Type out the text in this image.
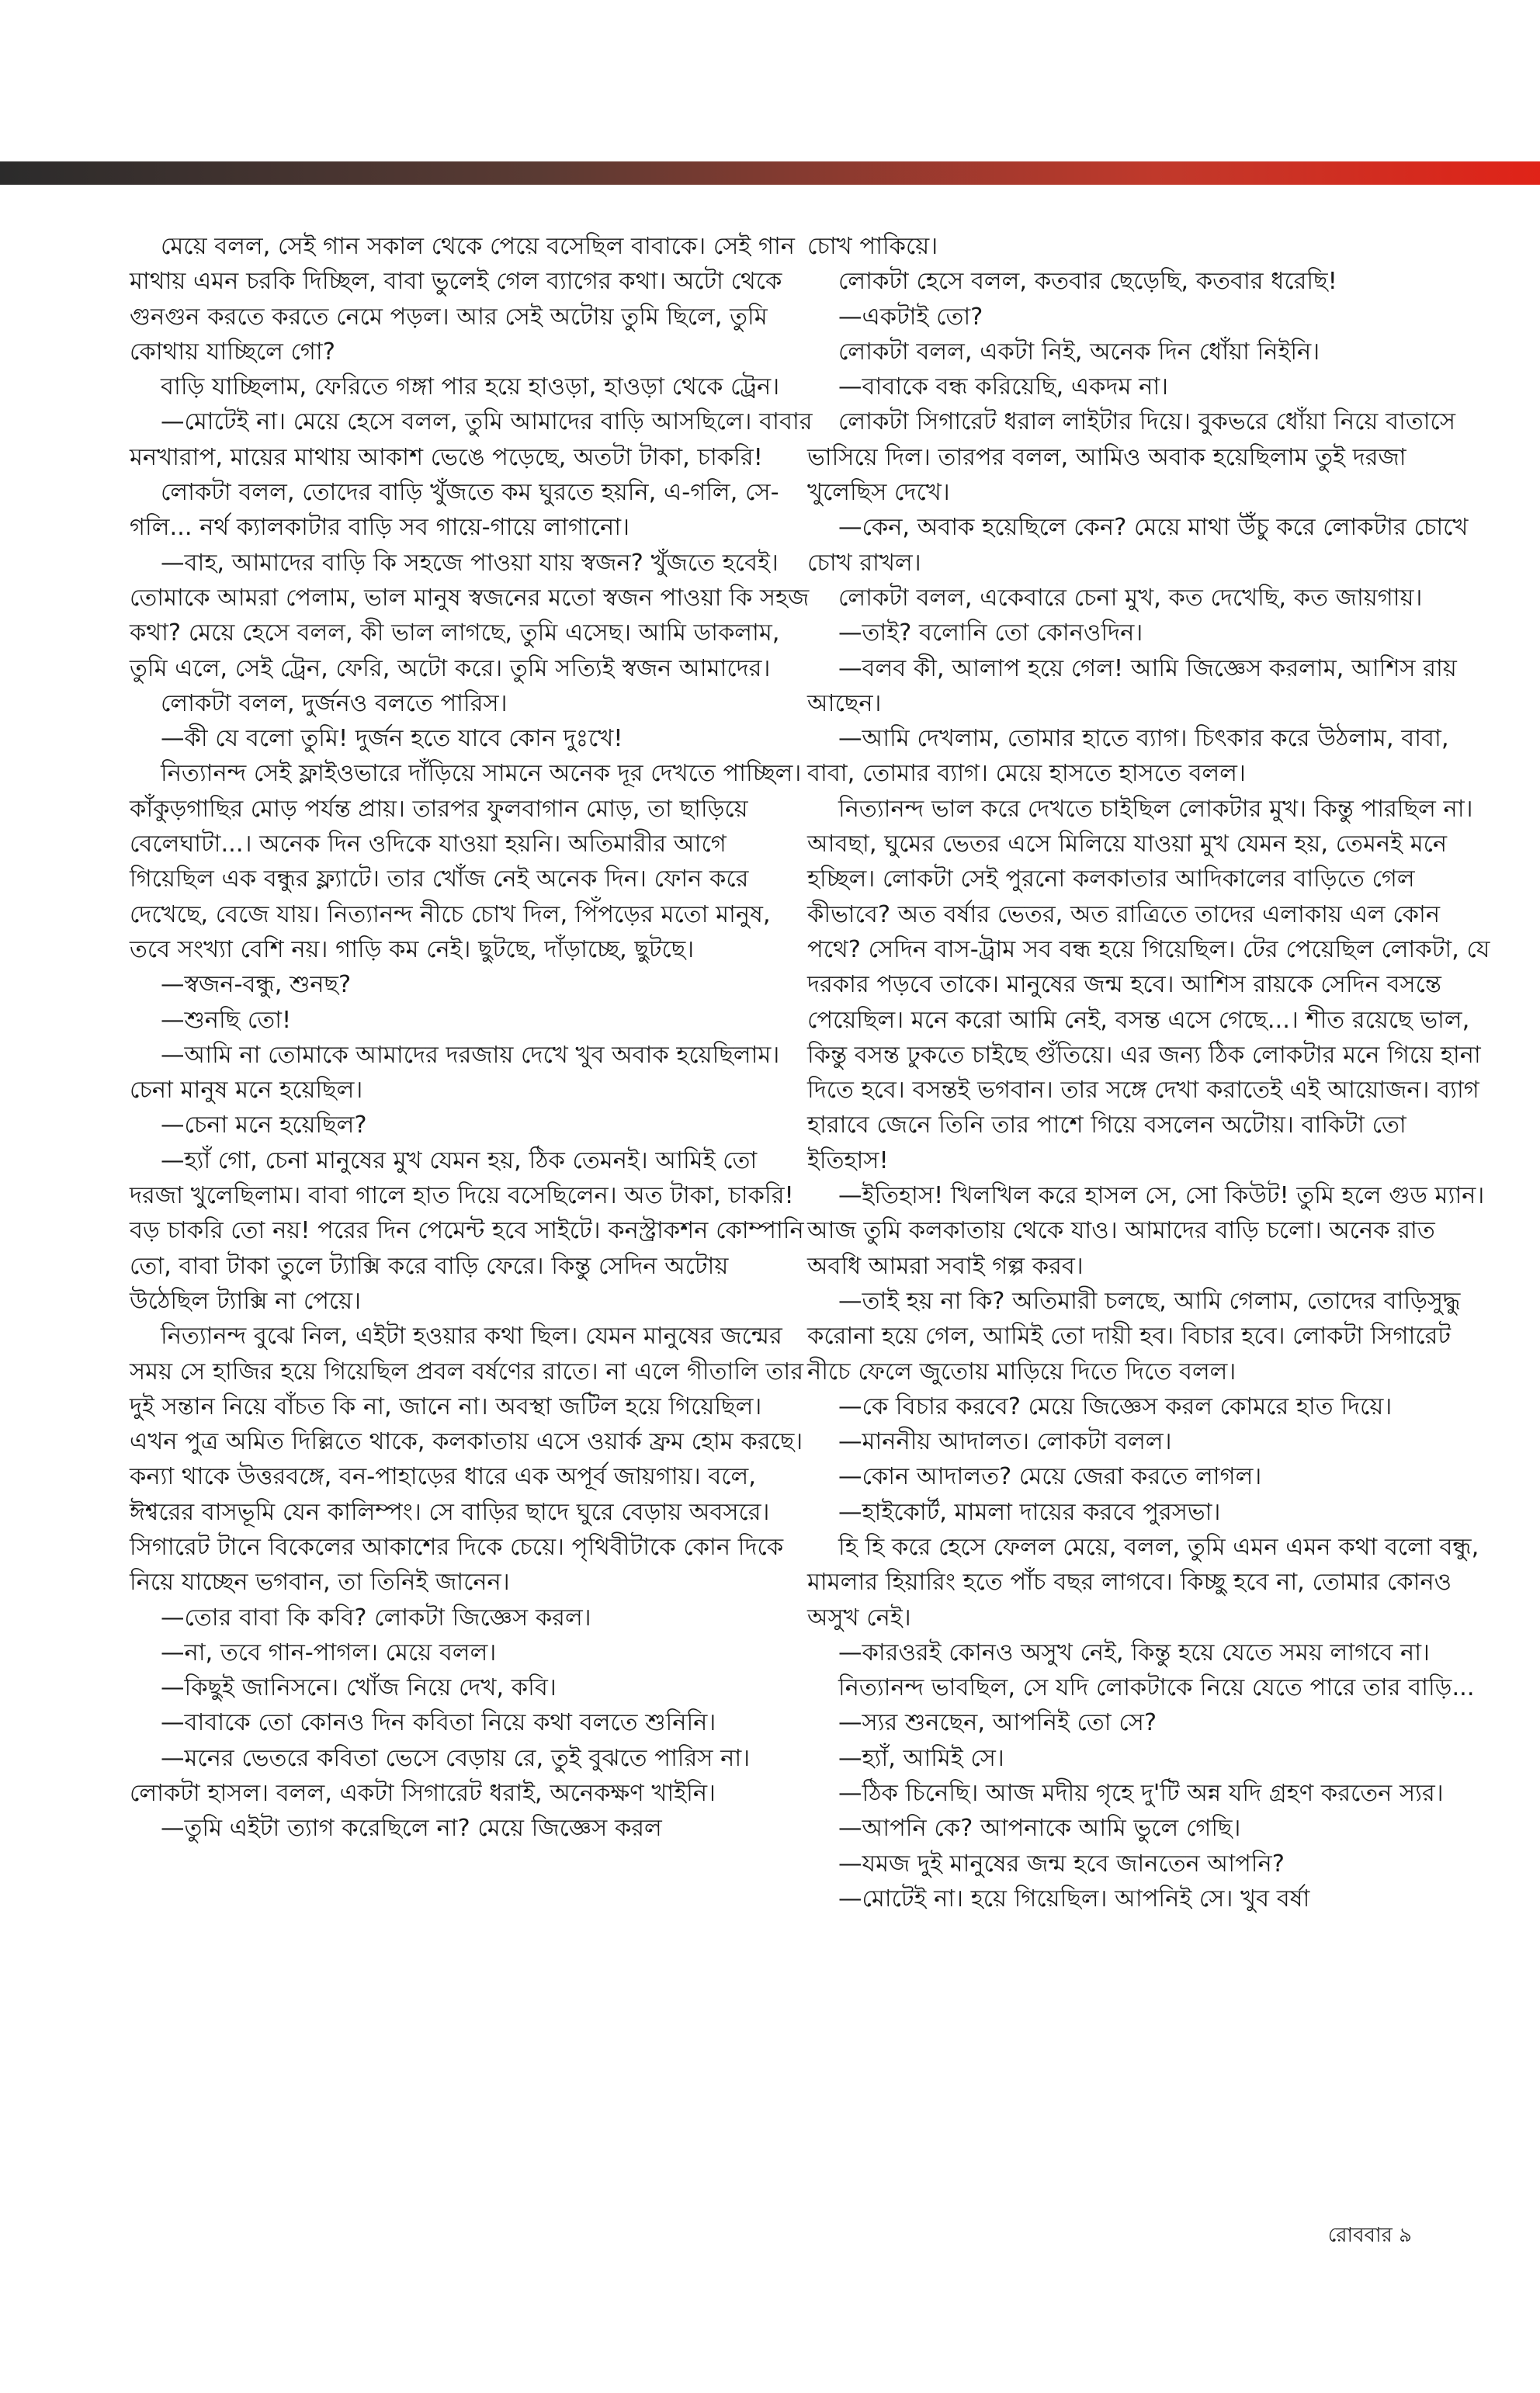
মেয়ে বলল, সেই গান সকাল থেকে পেয়ে বসেছিল বাবাকে। সেই গান মাথায় এমন চরকি দিচ্ছিল, বাবা ভুলেই গেল ব্যাগের কথা। অটো থেকে গুনগুন করতে করতে নেমে পড়ল। আর সেই অটোয় তুমি ছিলে, তুমি কোথায় যাচ্ছিলে গো?

বাড়ি যাচ্ছিলাম, ফেরিতে গঙ্গা পার হয়ে হাওড়া, হাওড়া থেকে ট্রেন।

—মোটেই না। মেয়ে হেসে বলল, তুমি আমাদের বাড়ি আসছিলে। বাবার মনখারাপ, মায়ের মাথায় আকাশ ভেঙে পড়েছে, অতটা টাকা, চাকরি!

লোকটা বলল, তোদের বাড়ি খুঁজতে কম ঘুরতে হয়নি, এ-গলি, সে-গলি... নর্থ ক্যালকাটার বাড়ি সব গায়ে-গায়ে লাগানো।

—বাহ, আমাদের বাড়ি কি সহজে পাওয়া যায় স্বজন? খুঁজতে হবেই। তোমাকে আমরা পেলাম, ভাল মানুষ স্বজনের মতো স্বজন পাওয়া কি সহজ কথা? মেয়ে হেসে বলল, কী ভাল লাগছে, তুমি এসেছ। আমি ডাকলাম, তুমি এলে, সেই ট্রেন, ফেরি, অটো করে। তুমি সত্যিই স্বজন আমাদের।

লোকটা বলল, দুর্জনও বলতে পারিস।

—কী যে বলো তুমি! দুর্জন হতে যাবে কোন দুঃখে!

নিত্যানন্দ সেই ফ্লাইওভারে দাঁড়িয়ে সামনে অনেক দূর দেখতে পাচ্ছিল। কাঁকুড়গাছির মোড় পর্যন্ত প্রায়। তারপর ফুলবাগান মোড়, তা ছাড়িয়ে বেলেঘাটা...। অনেক দিন ওদিকে যাওয়া হয়নি। অতিমারীর আগে গিয়েছিল এক বন্ধুর ফ্ল্যাটে। তার খোঁজ নেই অনেক দিন। ফোন করে দেখেছে, বেজে যায়। নিত্যানন্দ নীচে চোখ দিল, পিঁপড়ের মতো মানুষ, তবে সংখ্যা বেশি নয়। গাড়ি কম নেই। ছুটছে, দাঁড়াচ্ছে, ছুটছে।

—স্বজন-বন্ধু, শুনছ?

—শুনছি তো!

—আমি না তোমাকে আমাদের দরজায় দেখে খুব অবাক হয়েছিলাম। চেনা মানুষ মনে হয়েছিল।

—চেনা মনে হয়েছিল?

—হ্যাঁ গো, চেনা মানুষের মুখ যেমন হয়, ঠিক তেমনই। আমিই তো দরজা খুলেছিলাম। বাবা গালে হাত দিয়ে বসেছিলেন। অত টাকা, চাকরি! বড় চাকরি তো নয়! পরের দিন পেমেন্ট হবে সাইটে। কনস্ট্রাকশন কোম্পানি তো, বাবা টাকা তুলে ট্যাক্সি করে বাড়ি ফেরে। কিন্তু সেদিন অটোয় উঠেছিল ট্যাক্সি না পেয়ে।

নিত্যানন্দ বুঝে নিল, এইটা হওয়ার কথা ছিল। যেমন মানুষের জন্মের সময় সে হাজির হয়ে গিয়েছিল প্রবল বর্ষণের রাতে। না এলে গীতালি তার দুই সন্তান নিয়ে বাঁচত কি না, জানে না। অবস্থা জটিল হয়ে গিয়েছিল। এখন পুত্র অমিত দিল্লিতে থাকে, কলকাতায় এসে ওয়ার্ক ফ্রম হোম করছে। কন্যা থাকে উত্তরবঙ্গে, বন-পাহাড়ের ধারে এক অপূর্ব জায়গায়। বলে, ঈশ্বরের বাসভূমি যেন কালিম্পং। সে বাড়ির ছাদে ঘুরে বেড়ায় অবসরে। সিগারেট টানে বিকেলের আকাশের দিকে চেয়ে। পৃথিবীটাকে কোন দিকে নিয়ে যাচ্ছেন ভগবান, তা তিনিই জানেন।

—তোর বাবা কি কবি? লোকটা জিজ্ঞেস করল।

—না, তবে গান-পাগল। মেয়ে বলল।

—কিছুই জানিসনে। খোঁজ নিয়ে দেখ, কবি।

—বাবাকে তো কোনও দিন কবিতা নিয়ে কথা বলতে শুনিনি।

—মনের ভেতরে কবিতা ভেসে বেড়ায় রে, তুই বুঝতে পারিস না। লোকটা হাসল। বলল, একটা সিগারেট ধরাই, অনেকক্ষণ খাইনি।

—তুমি এইটা ত্যাগ করেছিলে না? মেয়ে জিজ্ঞেস করল

চোখ পাকিয়ে।

লোকটা হেসে বলল, কতবার ছেড়েছি, কতবার ধরেছি!

—একটাই তো?

লোকটা বলল, একটা নিই, অনেক দিন ধোঁয়া নিইনি।

—বাবাকে বন্ধ করিয়েছি, একদম না।

লোকটা সিগারেট ধরাল লাইটার দিয়ে। বুকভরে ধোঁয়া নিয়ে বাতাসে ভাসিয়ে দিল। তারপর বলল, আমিও অবাক হয়েছিলাম তুই দরজা খুলেছিস দেখে।

—কেন, অবাক হয়েছিলে কেন? মেয়ে মাথা উঁচু করে লোকটার চোখে চোখ রাখল।

লোকটা বলল, একেবারে চেনা মুখ, কত দেখেছি, কত জায়গায়।

—তাই? বলোনি তো কোনওদিন।

—বলব কী, আলাপ হয়ে গেল! আমি জিজ্ঞেস করলাম, আশিস রায় আছেন।

—আমি দেখলাম, তোমার হাতে ব্যাগ। চিৎকার করে উঠলাম, বাবা, বাবা, তোমার ব্যাগ। মেয়ে হাসতে হাসতে বলল।

নিত্যানন্দ ভাল করে দেখতে চাইছিল লোকটার মুখ। কিন্তু পারছিল না। আবছা, ঘুমের ভেতর এসে মিলিয়ে যাওয়া মুখ যেমন হয়, তেমনই মনে হচ্ছিল। লোকটা সেই পুরনো কলকাতার আদিকালের বাড়িতে গেল কীভাবে? অত বর্ষার ভেতর, অত রাত্রিতে তাদের এলাকায় এল কোন পথে? সেদিন বাস-ট্রাম সব বন্ধ হয়ে গিয়েছিল। টের পেয়েছিল লোকটা, যে দরকার পড়বে তাকে। মানুষের জন্ম হবে। আশিস রায়কে সেদিন বসন্তে পেয়েছিল। মনে করো আমি নেই, বসন্ত এসে গেছে...। শীত রয়েছে ভাল, কিন্তু বসন্ত ঢুকতে চাইছে গুঁতিয়ে। এর জন্য ঠিক লোকটার মনে গিয়ে হানা দিতে হবে। বসন্তই ভগবান। তার সঙ্গে দেখা করাতেই এই আয়োজন। ব্যাগ হারাবে জেনে তিনি তার পাশে গিয়ে বসলেন অটোয়। বাকিটা তো ইতিহাস!

—ইতিহাস! খিলখিল করে হাসল সে, সো কিউট! তুমি হলে গুড ম্যান। আজ তুমি কলকাতায় থেকে যাও। আমাদের বাড়ি চলো। অনেক রাত অবধি আমরা সবাই গল্প করব।

—তাই হয় না কি? অতিমারী চলছে, আমি গেলাম, তোদের বাড়িসুদ্ধু করোনা হয়ে গেল, আমিই তো দায়ী হব। বিচার হবে। লোকটা সিগারেট নীচে ফেলে জুতোয় মাড়িয়ে দিতে দিতে বলল।

—কে বিচার করবে? মেয়ে জিজ্ঞেস করল কোমরে হাত দিয়ে।

—মাননীয় আদালত। লোকটা বলল।

—কোন আদালত? মেয়ে জেরা করতে লাগল।

—হাইকোর্ট, মামলা দায়ের করবে পুরসভা।

হি হি করে হেসে ফেলল মেয়ে, বলল, তুমি এমন এমন কথা বলো বন্ধু, মামলার হিয়ারিং হতে পাঁচ বছর লাগবে। কিচ্ছু হবে না, তোমার কোনও অসুখ নেই।

—কারওরই কোনও অসুখ নেই, কিন্তু হয়ে যেতে সময় লাগবে না।

নিত্যানন্দ ভাবছিল, সে যদি লোকটাকে নিয়ে যেতে পারে তার বাড়ি...

—স্যর শুনছেন, আপনিই তো সে?

—হ্যাঁ, আমিই সে।

—ঠিক চিনেছি। আজ মদীয় গৃহে দু'টি অন্ন যদি গ্রহণ করতেন স্যর।

—আপনি কে? আপনাকে আমি ভুলে গেছি।

—যমজ দুই মানুষের জন্ম হবে জানতেন আপনি?

—মোটেই না। হয়ে গিয়েছিল। আপনিই সে। খুব বর্ষা

রোববার ৯
